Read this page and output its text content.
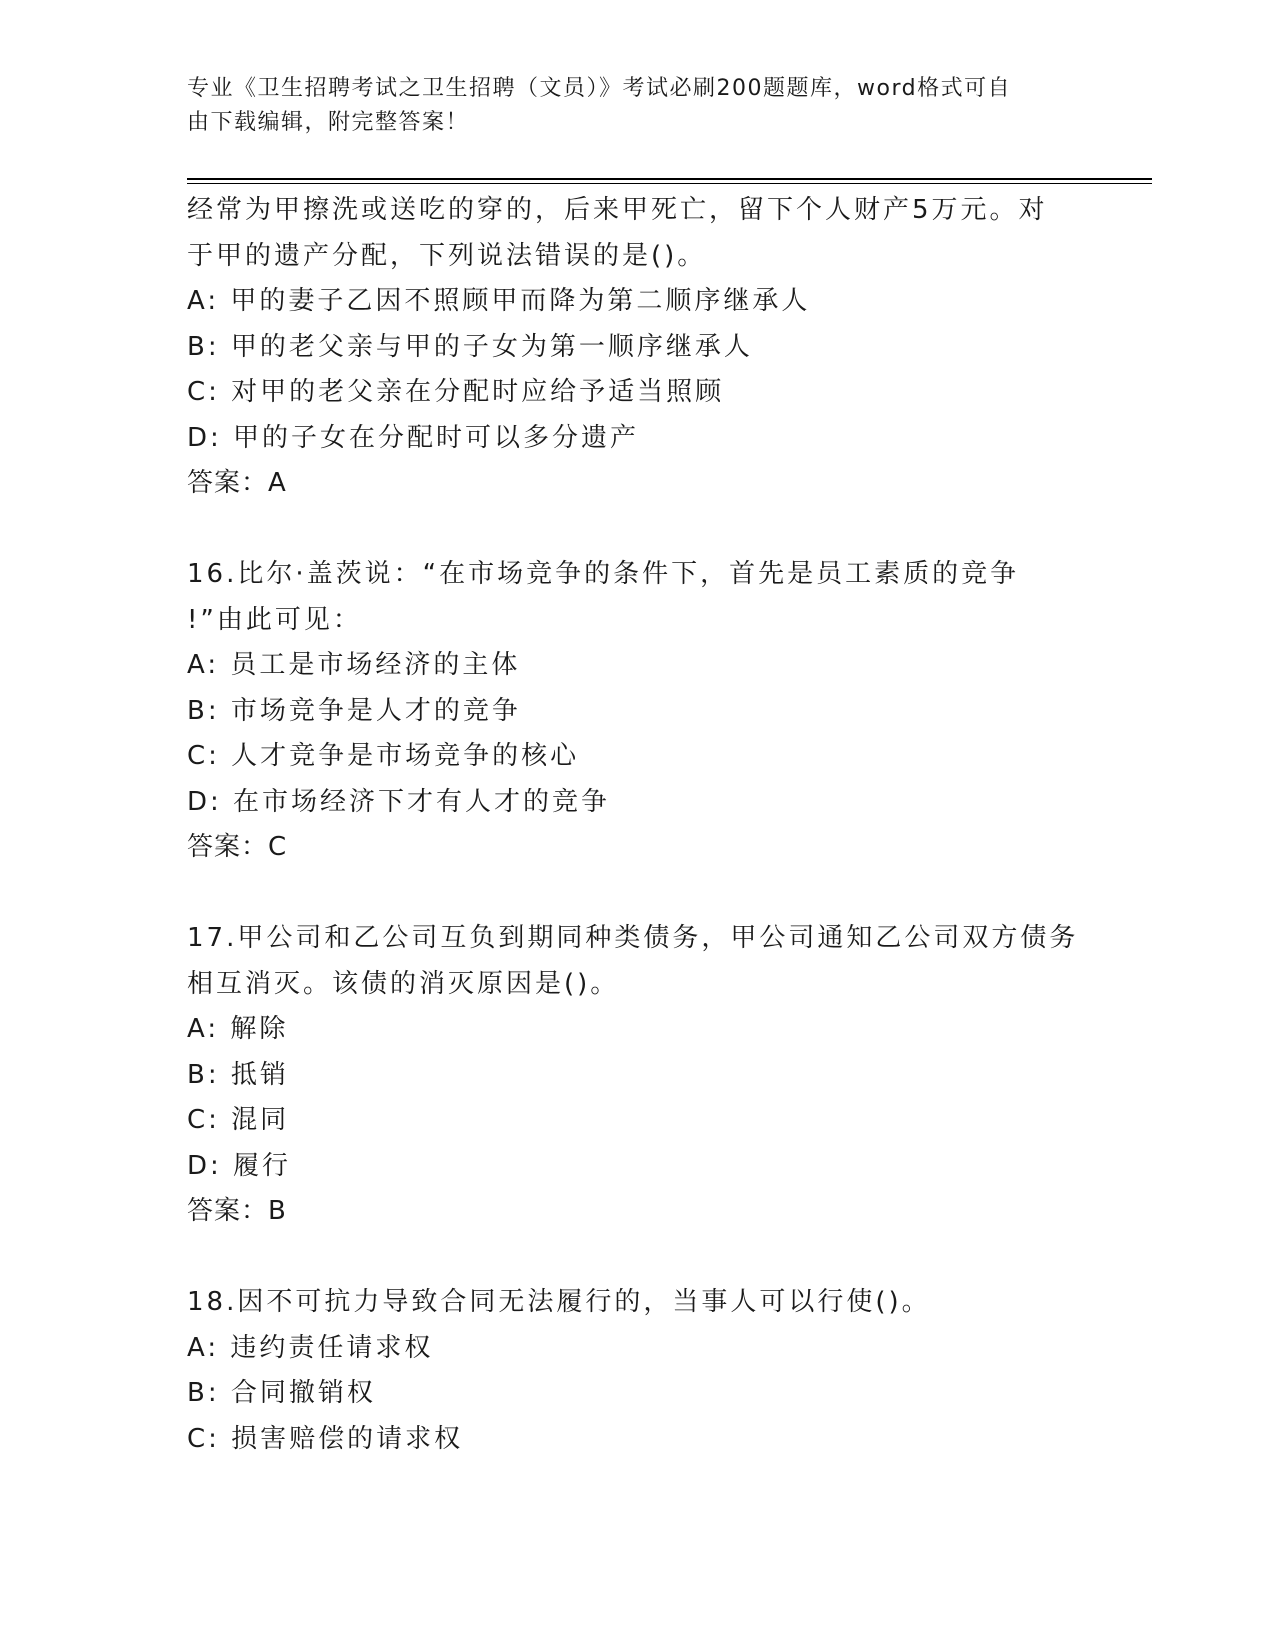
专业《卫生招聘考试之卫生招聘（文员）》考试必刷200题题库，word格式可自
由下载编辑，附完整答案！
经常为甲擦洗或送吃的穿的，后来甲死亡，留下个人财产5万元。对
于甲的遗产分配，下列说法错误的是()。
A: 甲的妻子乙因不照顾甲而降为第二顺序继承人
B: 甲的老父亲与甲的子女为第一顺序继承人
C: 对甲的老父亲在分配时应给予适当照顾
D: 甲的子女在分配时可以多分遗产
答案：A
16.比尔·盖茨说：“在市场竞争的条件下，首先是员工素质的竞争
!”由此可见：
A: 员工是市场经济的主体
B: 市场竞争是人才的竞争
C: 人才竞争是市场竞争的核心
D: 在市场经济下才有人才的竞争
答案：C
17.甲公司和乙公司互负到期同种类债务，甲公司通知乙公司双方债务
相互消灭。该债的消灭原因是()。
A: 解除
B: 抵销
C: 混同
D: 履行
答案：B
18.因不可抗力导致合同无法履行的，当事人可以行使()。
A: 违约责任请求权
B: 合同撤销权
C: 损害赔偿的请求权
